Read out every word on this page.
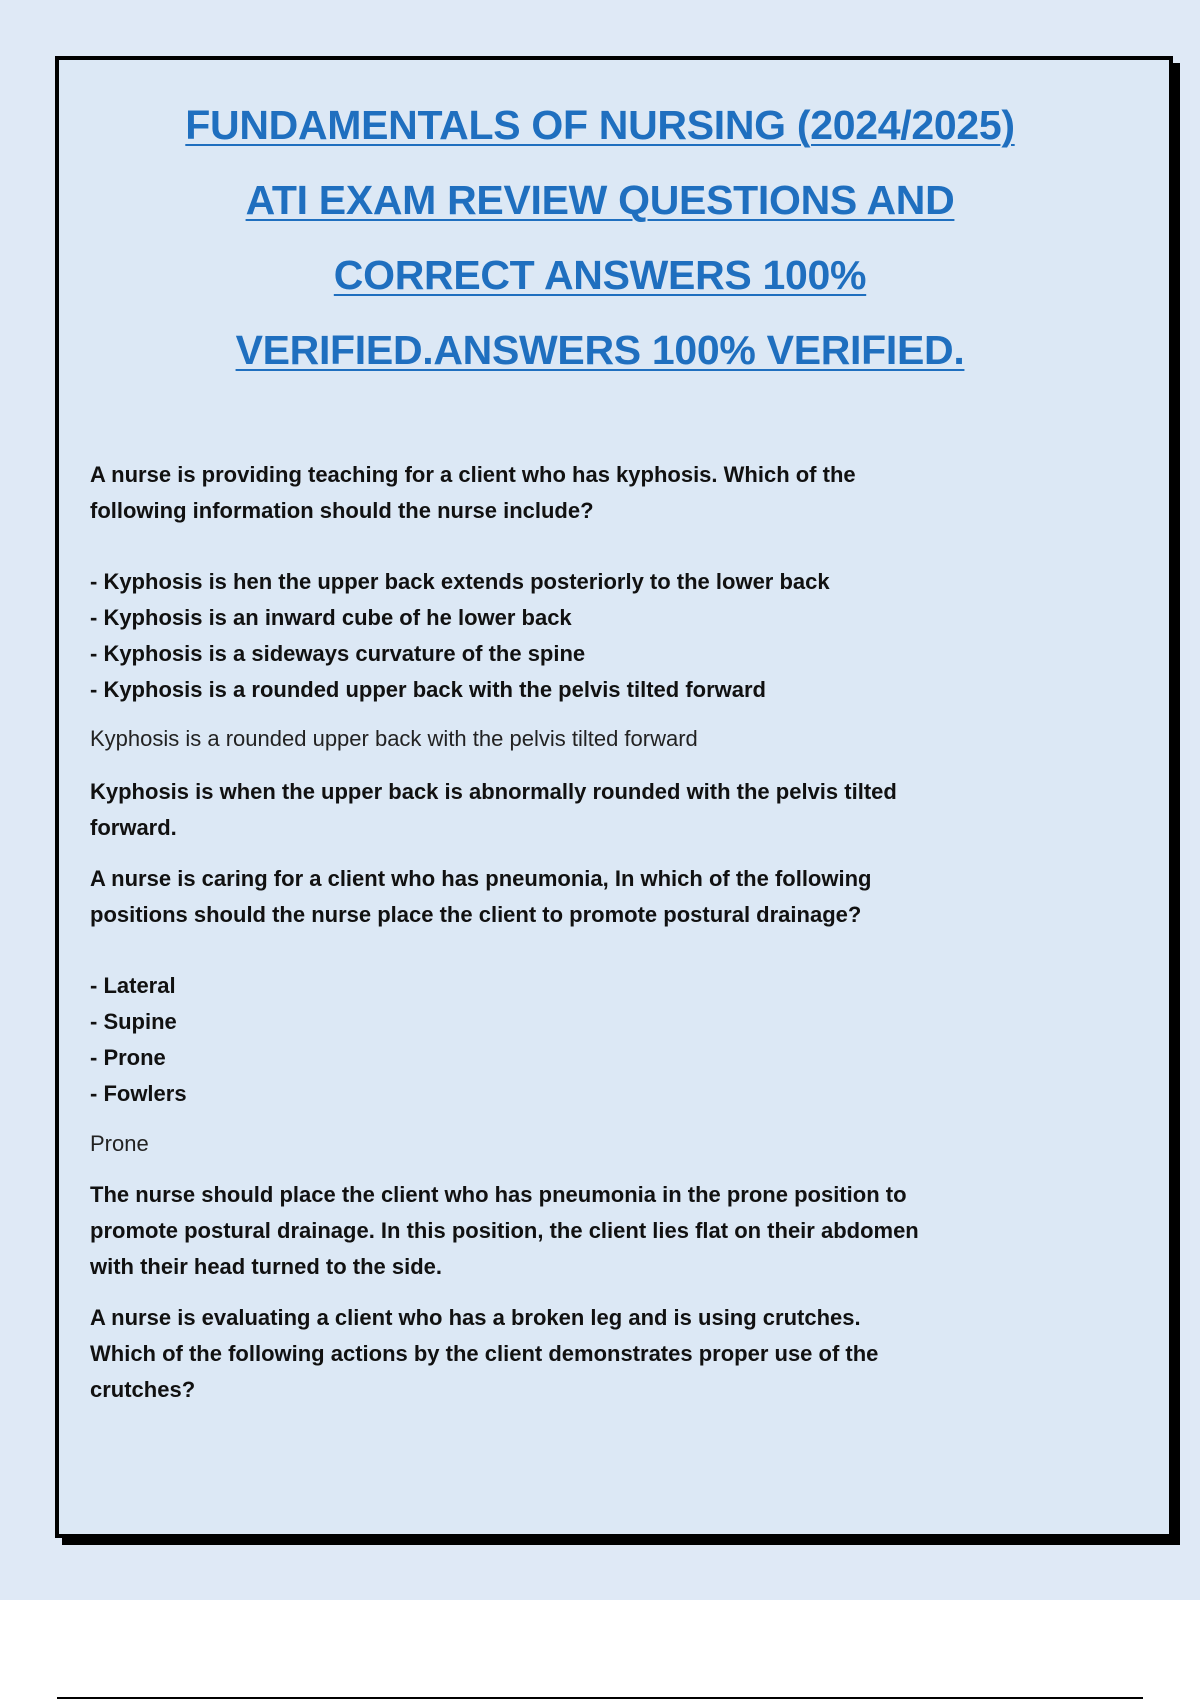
FUNDAMENTALS OF NURSING (2024/2025)
ATI EXAM REVIEW QUESTIONS AND
CORRECT ANSWERS 100%
VERIFIED.ANSWERS 100% VERIFIED.

A nurse is providing teaching for a client who has kyphosis. Which of the

following information should the nurse include?

- Kyphosis is hen the upper back extends posteriorly to the lower back

- Kyphosis is an inward cube of he lower back

- Kyphosis is a sideways curvature of the spine

- Kyphosis is a rounded upper back with the pelvis tilted forward

Kyphosis is a rounded upper back with the pelvis tilted forward

Kyphosis is when the upper back is abnormally rounded with the pelvis tilted

forward.

A nurse is caring for a client who has pneumonia, In which of the following

positions should the nurse place the client to promote postural drainage?

- Lateral

- Supine

- Prone

- Fowlers

Prone

The nurse should place the client who has pneumonia in the prone position to

promote postural drainage. In this position, the client lies flat on their abdomen

with their head turned to the side.

A nurse is evaluating a client who has a broken leg and is using crutches.

Which of the following actions by the client demonstrates proper use of the

crutches?
